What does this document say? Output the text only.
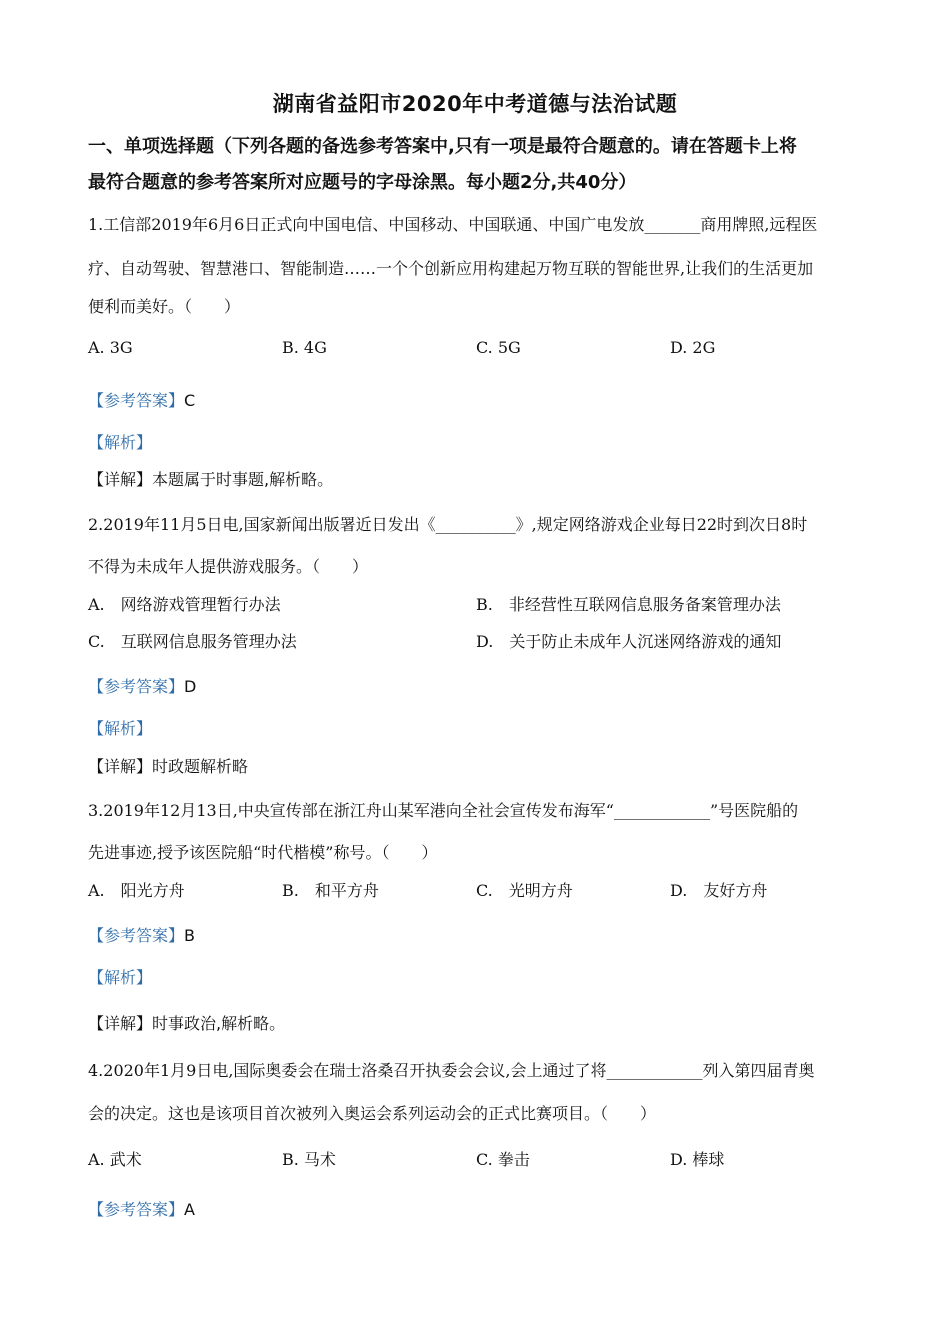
湖南省益阳市2020年中考道德与法治试题
一、单项选择题（下列各题的备选参考答案中,只有一项是最符合题意的。请在答题卡上将
最符合题意的参考答案所对应题号的字母涂黑。每小题2分,共40分）
1.工信部2019年6月6日正式向中国电信、中国移动、中国联通、中国广电发放_______商用牌照,远程医
疗、自动驾驶、智慧港口、智能制造……一个个创新应用构建起万物互联的智能世界,让我们的生活更加
便利而美好。（　　）
A. 3G	B. 4G	C. 5G	D. 2G
【参考答案】C
【解析】
【详解】本题属于时事题,解析略。
2.2019年11月5日电,国家新闻出版署近日发出《__________》,规定网络游戏企业每日22时到次日8时
不得为未成年人提供游戏服务。（　　）
A.　网络游戏管理暂行办法	B.　非经营性互联网信息服务备案管理办法
C.　互联网信息服务管理办法	D.　关于防止未成年人沉迷网络游戏的通知
【参考答案】D
【解析】
【详解】时政题解析略
3.2019年12月13日,中央宣传部在浙江舟山某军港向全社会宣传发布海军“____________”号医院船的
先进事迹,授予该医院船“时代楷模”称号。（　　）
A.　阳光方舟	B.　和平方舟	C.　光明方舟	D.　友好方舟
【参考答案】B
【解析】
【详解】时事政治,解析略。
4.2020年1月9日电,国际奥委会在瑞士洛桑召开执委会会议,会上通过了将____________列入第四届青奥
会的决定。这也是该项目首次被列入奥运会系列运动会的正式比赛项目。（　　）
A. 武术	B. 马术	C. 拳击	D. 棒球
【参考答案】A
